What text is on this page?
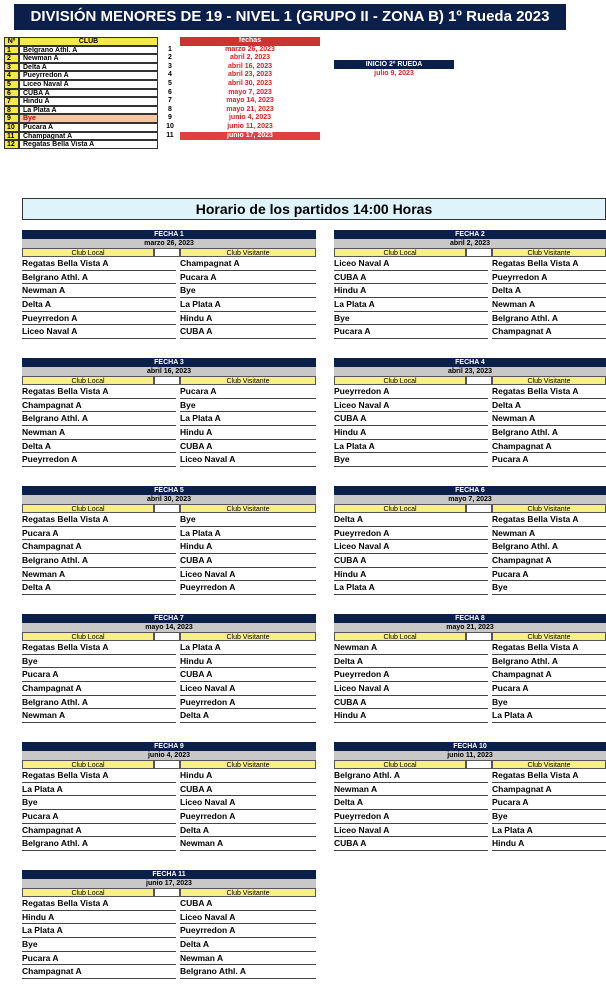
DIVISIÓN MENORES DE 19 - NIVEL 1 (GRUPO II - ZONA B) 1º Rueda 2023
Nº	CLUB
1	Belgrano Athl. A
2	Newman A
3	Delta A
4	Pueyrredon A
5	Liceo Naval A
6	CUBA A
7	Hindu A
8	La Plata A
9	Bye
10	Pucara A
11	Champagnat A
12	Regatas Bella Vista A
fechas
1	marzo 26, 2023
2	abril 2, 2023
3	abril 16, 2023
4	abril 23, 2023
5	abril 30, 2023
6	mayo 7, 2023
7	mayo 14, 2023
8	mayo 21, 2023
9	junio 4, 2023
10	junio 11, 2023
11	junio 17, 2023
INICIO 2º RUEDA
julio 9, 2023
Horario de los partidos 14:00 Horas
FECHA 1
marzo 26, 2023
Club Local	Club Visitante
Regatas Bella Vista A	Champagnat A
Belgrano Athl. A	Pucara A
Newman A	Bye
Delta A	La Plata A
Pueyrredon A	Hindu A
Liceo Naval A	CUBA A
FECHA 2
abril 2, 2023
Club Local	Club Visitante
Liceo Naval A	Regatas Bella Vista A
CUBA A	Pueyrredon A
Hindu A	Delta A
La Plata A	Newman A
Bye	Belgrano Athl. A
Pucara A	Champagnat A
FECHA 3
abril 16, 2023
Club Local	Club Visitante
Regatas Bella Vista A	Pucara A
Champagnat A	Bye
Belgrano Athl. A	La Plata A
Newman A	Hindu A
Delta A	CUBA A
Pueyrredon A	Liceo Naval A
FECHA 4
abril 23, 2023
Club Local	Club Visitante
Pueyrredon A	Regatas Bella Vista A
Liceo Naval A	Delta A
CUBA A	Newman A
Hindu A	Belgrano Athl. A
La Plata A	Champagnat A
Bye	Pucara A
FECHA 5
abril 30, 2023
Club Local	Club Visitante
Regatas Bella Vista A	Bye
Pucara A	La Plata A
Champagnat A	Hindu A
Belgrano Athl. A	CUBA A
Newman A	Liceo Naval A
Delta A	Pueyrredon A
FECHA 6
mayo 7, 2023
Club Local	Club Visitante
Delta A	Regatas Bella Vista A
Pueyrredon A	Newman A
Liceo Naval A	Belgrano Athl. A
CUBA A	Champagnat A
Hindu A	Pucara A
La Plata A	Bye
FECHA 7
mayo 14, 2023
Club Local	Club Visitante
Regatas Bella Vista A	La Plata A
Bye	Hindu A
Pucara A	CUBA A
Champagnat A	Liceo Naval A
Belgrano Athl. A	Pueyrredon A
Newman A	Delta A
FECHA 8
mayo 21, 2023
Club Local	Club Visitante
Newman A	Regatas Bella Vista A
Delta A	Belgrano Athl. A
Pueyrredon A	Champagnat A
Liceo Naval A	Pucara A
CUBA A	Bye
Hindu A	La Plata A
FECHA 9
junio 4, 2023
Club Local	Club Visitante
Regatas Bella Vista A	Hindu A
La Plata A	CUBA A
Bye	Liceo Naval A
Pucara A	Pueyrredon A
Champagnat A	Delta A
Belgrano Athl. A	Newman A
FECHA 10
junio 11, 2023
Club Local	Club Visitante
Belgrano Athl. A	Regatas Bella Vista A
Newman A	Champagnat A
Delta A	Pucara A
Pueyrredon A	Bye
Liceo Naval A	La Plata A
CUBA A	Hindu A
FECHA 11
junio 17, 2023
Club Local	Club Visitante
Regatas Bella Vista A	CUBA A
Hindu A	Liceo Naval A
La Plata A	Pueyrredon A
Bye	Delta A
Pucara A	Newman A
Champagnat A	Belgrano Athl. A
